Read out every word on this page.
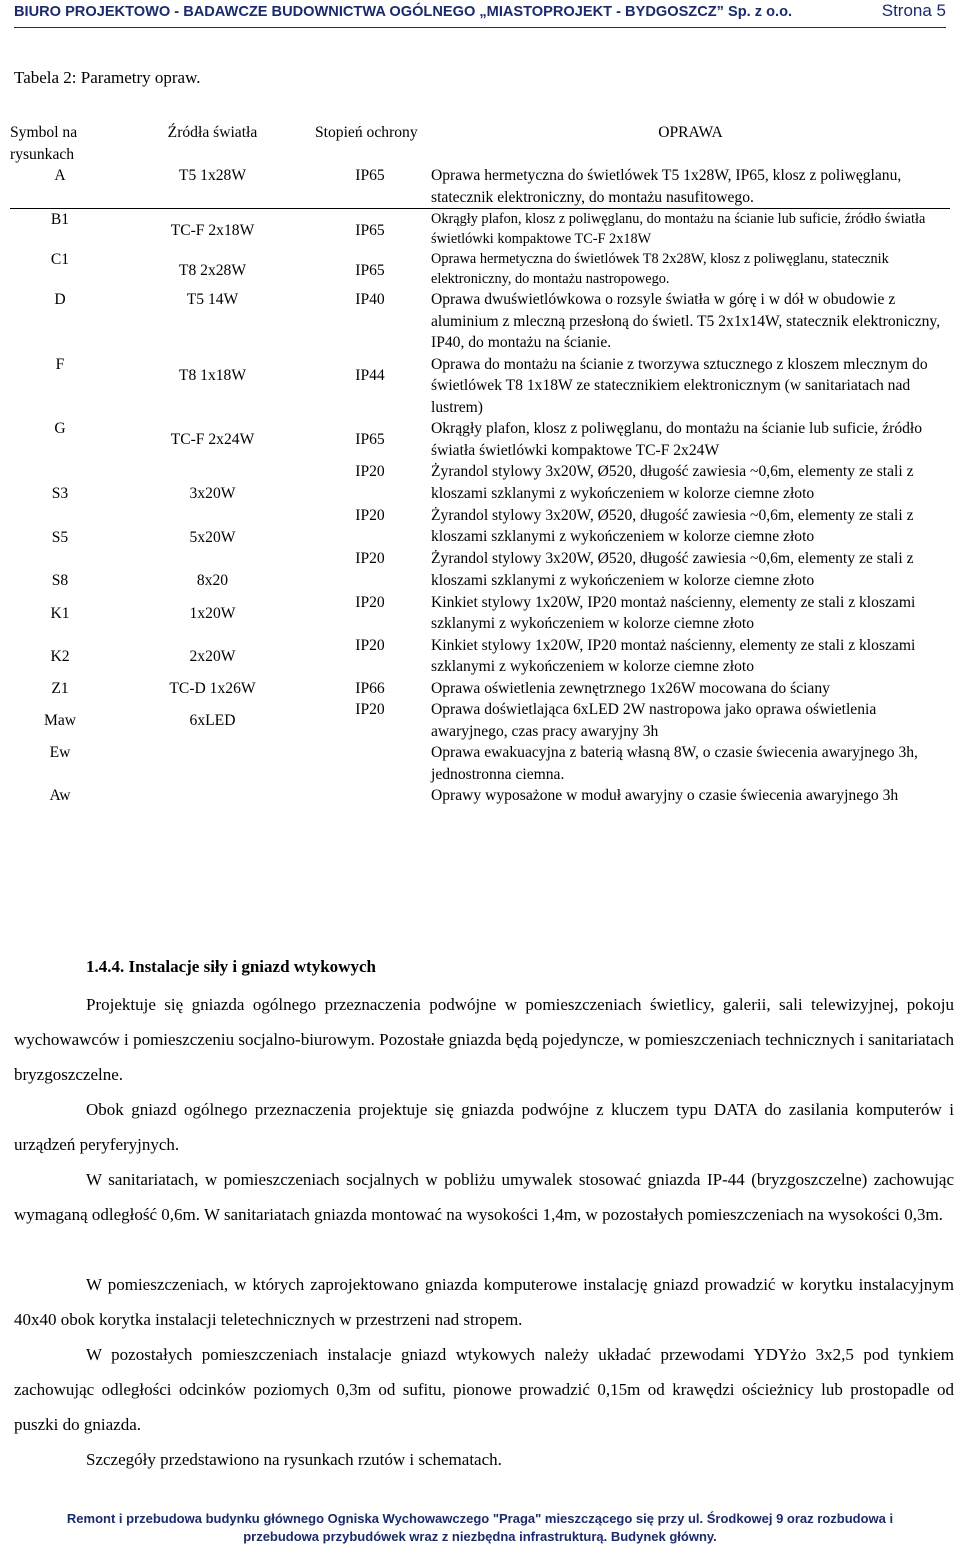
BIURO PROJEKTOWO - BADAWCZE BUDOWNICTWA OGÓLNEGO „MIASTOPROJEKT - BYDGOSZCZ” Sp. z o.o.	Strona 5
Tabela 2: Parametry opraw.
Symbol na rysunkach	Źródła światła	Stopień ochrony	OPRAWA
A	T5 1x28W	IP65	Oprawa hermetyczna do świetlówek T5 1x28W, IP65, klosz z poliwęglanu, statecznik elektroniczny, do montażu nasufitowego.
B1	TC-F 2x18W	IP65	Okrągły plafon, klosz z poliwęglanu, do montażu na ścianie lub suficie, źródło światła świetlówki kompaktowe TC-F 2x18W
C1	T8 2x28W	IP65	Oprawa hermetyczna do świetlówek T8 2x28W, klosz z poliwęglanu, statecznik elektroniczny, do montażu nastropowego.
D	T5 14W	IP40	Oprawa dwuświetlówkowa o rozsyle światła w górę i w dół w obudowie z aluminium z mleczną przesłoną do świetl. T5 2x1x14W, statecznik elektroniczny, IP40, do montażu na ścianie.
F	T8 1x18W	IP44	Oprawa do montażu na ścianie z tworzywa sztucznego z kloszem mlecznym do świetlówek T8 1x18W ze statecznikiem elektronicznym (w sanitariatach nad lustrem)
G	TC-F 2x24W	IP65	Okrągły plafon, klosz z poliwęglanu, do montażu na ścianie lub suficie, źródło światła świetlówki kompaktowe TC-F 2x24W
S3	3x20W	IP20	Żyrandol stylowy 3x20W, Ø520, długość zawiesia ~0,6m, elementy ze stali z kloszami szklanymi z wykończeniem w kolorze ciemne złoto
S5	5x20W	IP20	Żyrandol stylowy 3x20W, Ø520, długość zawiesia ~0,6m, elementy ze stali z kloszami szklanymi z wykończeniem w kolorze ciemne złoto
S8	8x20	IP20	Żyrandol stylowy 3x20W, Ø520, długość zawiesia ~0,6m, elementy ze stali z kloszami szklanymi z wykończeniem w kolorze ciemne złoto
K1	1x20W	IP20	Kinkiet stylowy 1x20W, IP20 montaż naścienny, elementy ze stali z kloszami szklanymi z wykończeniem w kolorze ciemne złoto
K2	2x20W	IP20	Kinkiet stylowy 1x20W, IP20 montaż naścienny, elementy ze stali z kloszami szklanymi z wykończeniem w kolorze ciemne złoto
Z1	TC-D 1x26W	IP66	Oprawa oświetlenia zewnętrznego 1x26W mocowana do ściany
Maw	6xLED	IP20	Oprawa doświetlająca 6xLED 2W nastropowa jako oprawa oświetlenia awaryjnego, czas pracy awaryjny 3h
Ew			Oprawa ewakuacyjna z baterią własną 8W, o czasie świecenia awaryjnego 3h, jednostronna ciemna.
Aw			Oprawy wyposażone w moduł awaryjny o czasie świecenia awaryjnego 3h
1.4.4. Instalacje siły i gniazd wtykowych

Projektuje się gniazda ogólnego przeznaczenia podwójne w pomieszczeniach świetlicy, galerii, sali telewizyjnej, pokoju wychowawców i pomieszczeniu socjalno-biurowym. Pozostałe gniazda będą pojedyncze, w pomieszczeniach technicznych i sanitariatach bryzgoszczelne.

Obok gniazd ogólnego przeznaczenia projektuje się gniazda podwójne z kluczem typu DATA do zasilania komputerów i urządzeń peryferyjnych.

W sanitariatach, w pomieszczeniach socjalnych w pobliżu umywalek stosować gniazda IP-44 (bryzgoszczelne) zachowując wymaganą odległość 0,6m. W sanitariatach gniazda montować na wysokości 1,4m, w pozostałych pomieszczeniach na wysokości 0,3m.

W pomieszczeniach, w których zaprojektowano gniazda komputerowe instalację gniazd prowadzić w korytku instalacyjnym 40x40 obok korytka instalacji teletechnicznych w przestrzeni nad stropem.

W pozostałych pomieszczeniach instalacje gniazd wtykowych należy układać przewodami YDYżo 3x2,5 pod tynkiem zachowując odległości odcinków poziomych 0,3m od sufitu, pionowe prowadzić 0,15m od krawędzi ościeżnicy lub prostopadle od puszki do gniazda.

Szczegóły przedstawiono na rysunkach rzutów i schematach.

Remont i przebudowa budynku głównego Ogniska Wychowawczego "Praga" mieszczącego się przy ul. Środkowej 9 oraz rozbudowa i
przebudowa przybudówek wraz z niezbędna infrastrukturą. Budynek główny.
